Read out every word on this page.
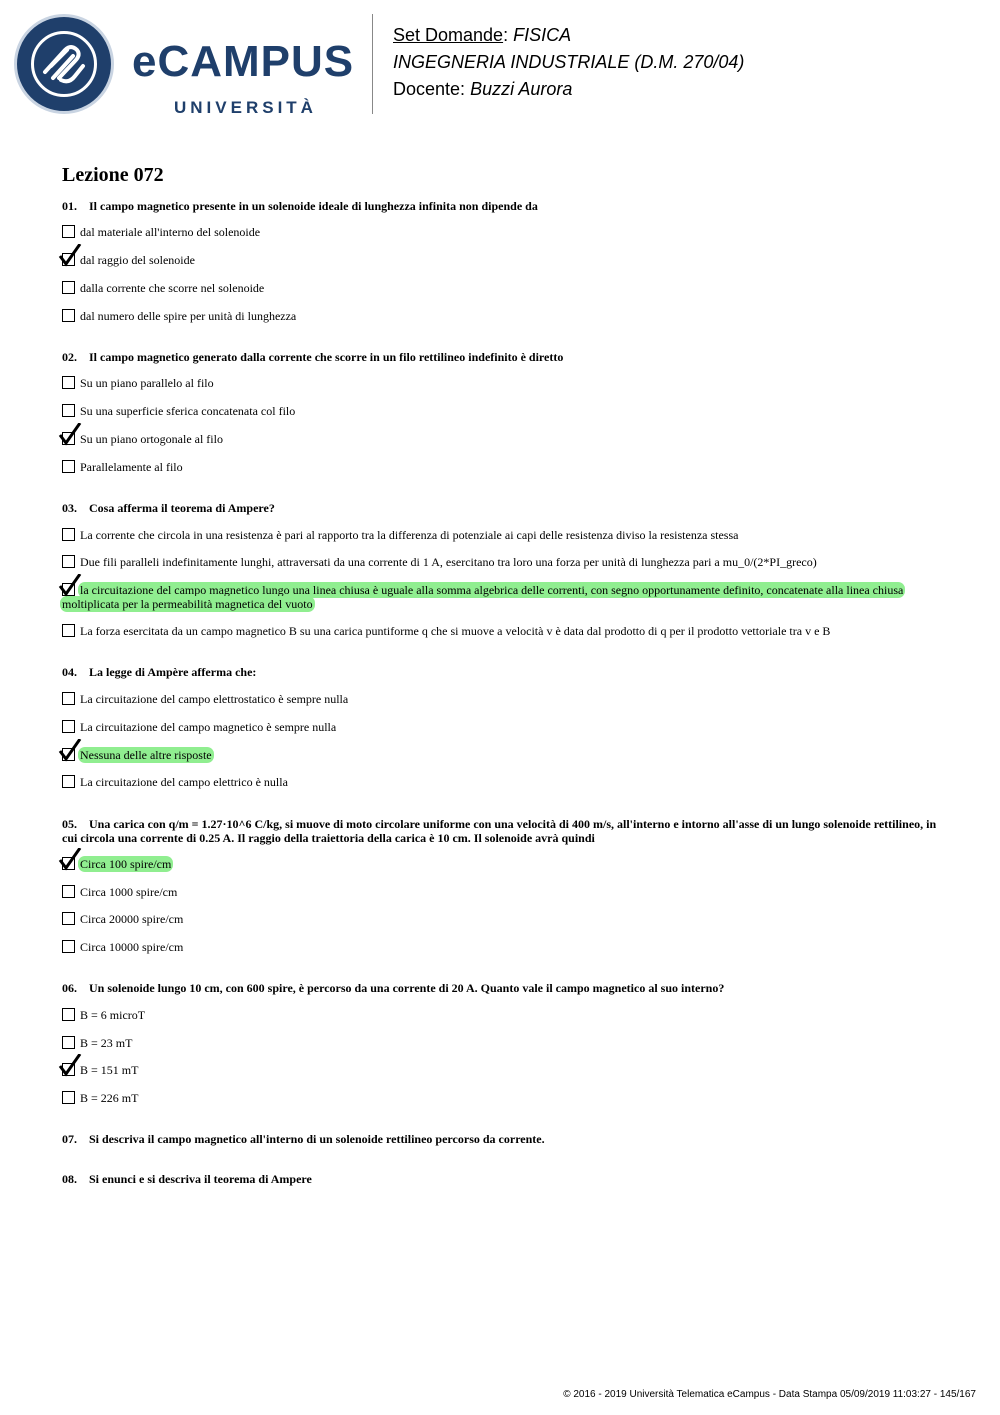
eCAMPUS
UNIVERSITÀ
Set Domande: FISICA
INGEGNERIA INDUSTRIALE (D.M. 270/04)
Docente: Buzzi Aurora
Lezione 072
01. Il campo magnetico presente in un solenoide ideale di lunghezza infinita non dipende da
dal materiale all'interno del solenoide
dal raggio del solenoide
dalla corrente che scorre nel solenoide
dal numero delle spire per unità di lunghezza
02. Il campo magnetico generato dalla corrente che scorre in un filo rettilineo indefinito è diretto
Su un piano parallelo al filo
Su una superficie sferica concatenata col filo
Su un piano ortogonale al filo
Parallelamente al filo
03. Cosa afferma il teorema di Ampere?
La corrente che circola in una resistenza è pari al rapporto tra la differenza di potenziale ai capi delle resistenza diviso la resistenza stessa
Due fili paralleli indefinitamente lunghi, attraversati da una corrente di 1 A, esercitano tra loro una forza per unità di lunghezza pari a mu_0/(2*PI_greco)
la circuitazione del campo magnetico lungo una linea chiusa è uguale alla somma algebrica delle correnti, con segno opportunamente definito, concatenate alla linea chiusa moltiplicata per la permeabilità magnetica del vuoto
La forza esercitata da un campo magnetico B su una carica puntiforme q che si muove a velocità v è data dal prodotto di q per il prodotto vettoriale tra v e B
04. La legge di Ampère afferma che:
La circuitazione del campo elettrostatico è sempre nulla
La circuitazione del campo magnetico è sempre nulla
Nessuna delle altre risposte
La circuitazione del campo elettrico è nulla
05. Una carica con q/m = 1.27·10^6 C/kg, si muove di moto circolare uniforme con una velocità di 400 m/s, all'interno e intorno all'asse di un lungo solenoide rettilineo, in cui circola una corrente di 0.25 A. Il raggio della traiettoria della carica è 10 cm. Il solenoide avrà quindi
Circa 100 spire/cm
Circa 1000 spire/cm
Circa 20000 spire/cm
Circa 10000 spire/cm
06. Un solenoide lungo 10 cm, con 600 spire, è percorso da una corrente di 20 A. Quanto vale il campo magnetico al suo interno?
B = 6 microT
B = 23 mT
B = 151 mT
B = 226 mT
07. Si descriva il campo magnetico all'interno di un solenoide rettilineo percorso da corrente.
08. Si enunci e si descriva il teorema di Ampere
© 2016 - 2019 Università Telematica eCampus - Data Stampa 05/09/2019 11:03:27 - 145/167
